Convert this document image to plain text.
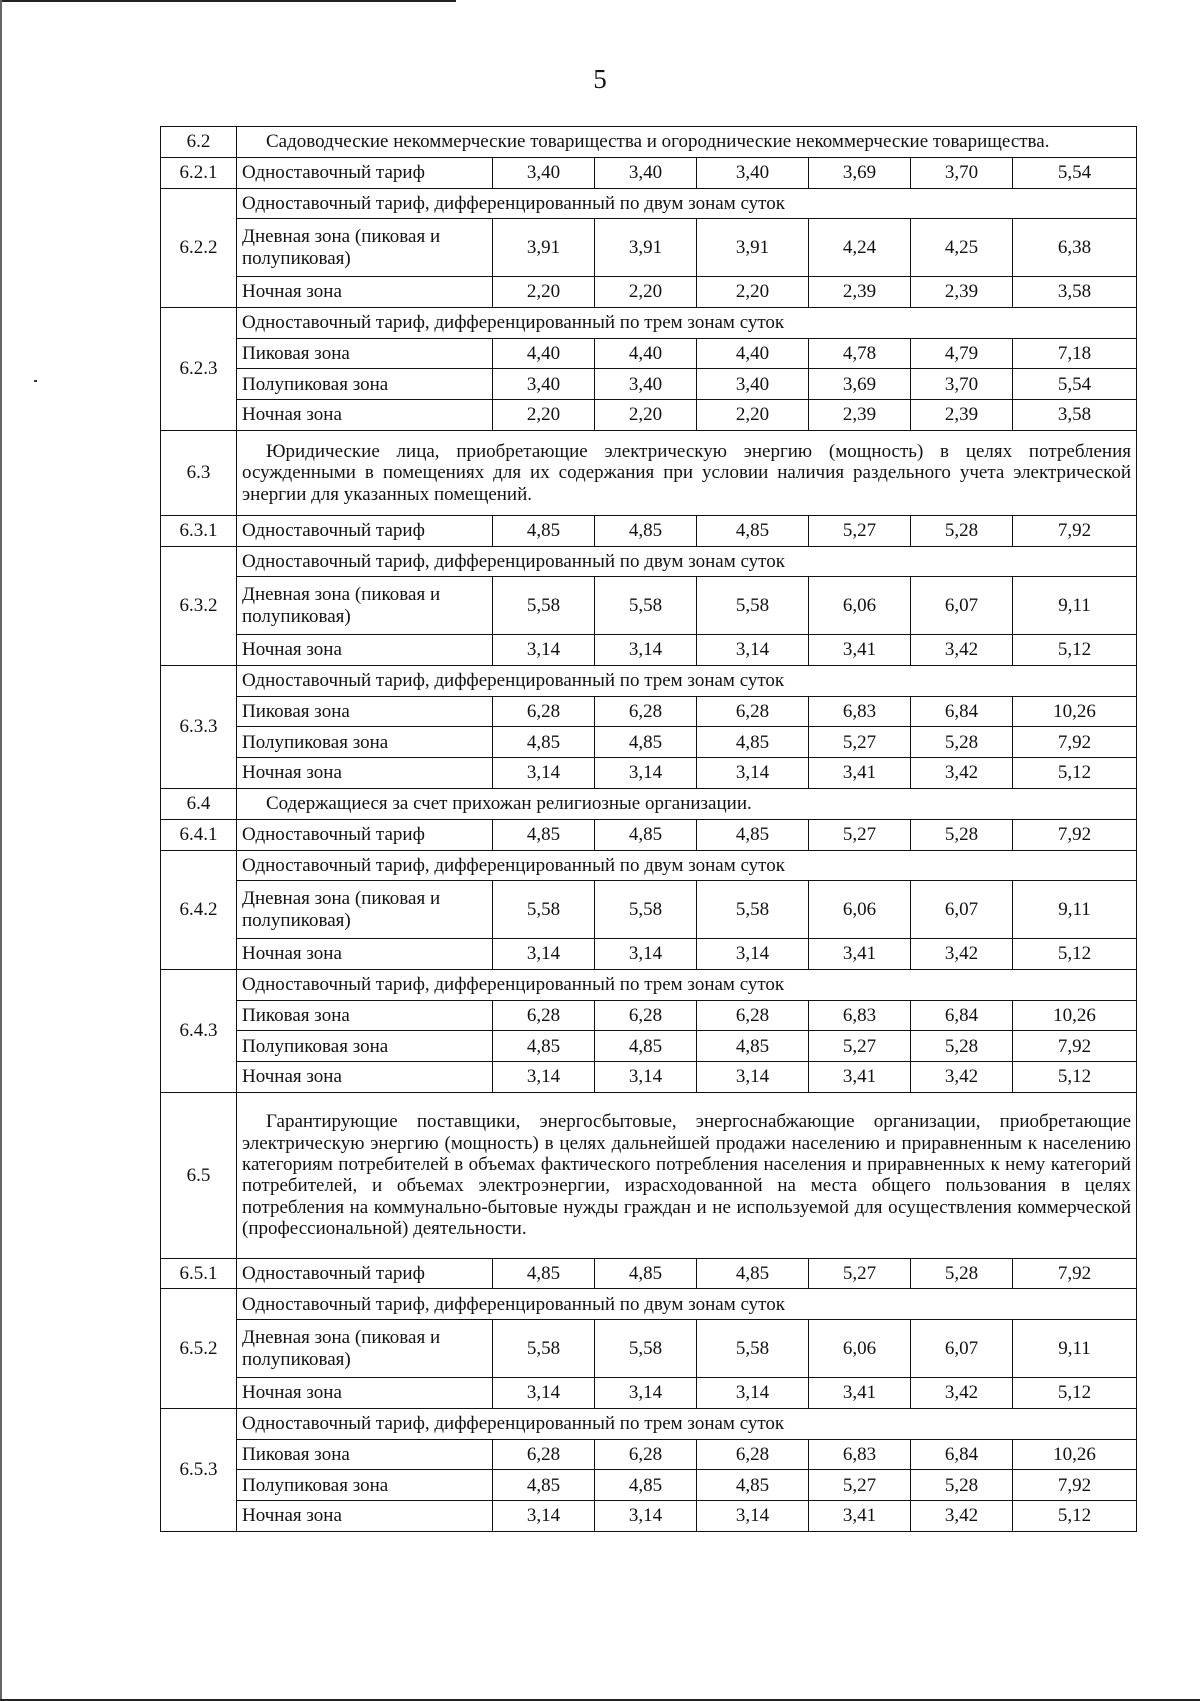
5
6.2	Садоводческие некоммерческие товарищества и огороднические некоммерческие товарищества.						
6.2.1	Одноставочный тариф	3,40	3,40	3,40	3,69	3,70	5,54
6.2.2	Одноставочный тариф, дифференцированный по двум зонам суток						
	Дневная зона (пиковая и полупиковая)	3,91	3,91	3,91	4,24	4,25	6,38
	Ночная зона	2,20	2,20	2,20	2,39	2,39	3,58
6.2.3	Одноставочный тариф, дифференцированный по трем зонам суток						
	Пиковая зона	4,40	4,40	4,40	4,78	4,79	7,18
	Полупиковая зона	3,40	3,40	3,40	3,69	3,70	5,54
	Ночная зона	2,20	2,20	2,20	2,39	2,39	3,58
6.3	Юридические лица, приобретающие электрическую энергию (мощность) в целях потребления осужденными в помещениях для их содержания при условии наличия раздельного учета электрической энергии для указанных помещений.						
6.3.1	Одноставочный тариф	4,85	4,85	4,85	5,27	5,28	7,92
6.3.2	Одноставочный тариф, дифференцированный по двум зонам суток						
	Дневная зона (пиковая и полупиковая)	5,58	5,58	5,58	6,06	6,07	9,11
	Ночная зона	3,14	3,14	3,14	3,41	3,42	5,12
6.3.3	Одноставочный тариф, дифференцированный по трем зонам суток						
	Пиковая зона	6,28	6,28	6,28	6,83	6,84	10,26
	Полупиковая зона	4,85	4,85	4,85	5,27	5,28	7,92
	Ночная зона	3,14	3,14	3,14	3,41	3,42	5,12
6.4	Содержащиеся за счет прихожан религиозные организации.						
6.4.1	Одноставочный тариф	4,85	4,85	4,85	5,27	5,28	7,92
6.4.2	Одноставочный тариф, дифференцированный по двум зонам суток						
	Дневная зона (пиковая и полупиковая)	5,58	5,58	5,58	6,06	6,07	9,11
	Ночная зона	3,14	3,14	3,14	3,41	3,42	5,12
6.4.3	Одноставочный тариф, дифференцированный по трем зонам суток						
	Пиковая зона	6,28	6,28	6,28	6,83	6,84	10,26
	Полупиковая зона	4,85	4,85	4,85	5,27	5,28	7,92
	Ночная зона	3,14	3,14	3,14	3,41	3,42	5,12
6.5	Гарантирующие поставщики, энергосбытовые, энергоснабжающие организации, приобретающие электрическую энергию (мощность) в целях дальнейшей продажи населению и приравненным к населению категориям потребителей в объемах фактического потребления населения и приравненных к нему категорий потребителей, и объемах электроэнергии, израсходованной на места общего пользования в целях потребления на коммунально-бытовые нужды граждан и не используемой для осуществления коммерческой (профессиональной) деятельности.						
6.5.1	Одноставочный тариф	4,85	4,85	4,85	5,27	5,28	7,92
6.5.2	Одноставочный тариф, дифференцированный по двум зонам суток						
	Дневная зона (пиковая и полупиковая)	5,58	5,58	5,58	6,06	6,07	9,11
	Ночная зона	3,14	3,14	3,14	3,41	3,42	5,12
6.5.3	Одноставочный тариф, дифференцированный по трем зонам суток						
	Пиковая зона	6,28	6,28	6,28	6,83	6,84	10,26
	Полупиковая зона	4,85	4,85	4,85	5,27	5,28	7,92
	Ночная зона	3,14	3,14	3,14	3,41	3,42	5,12
